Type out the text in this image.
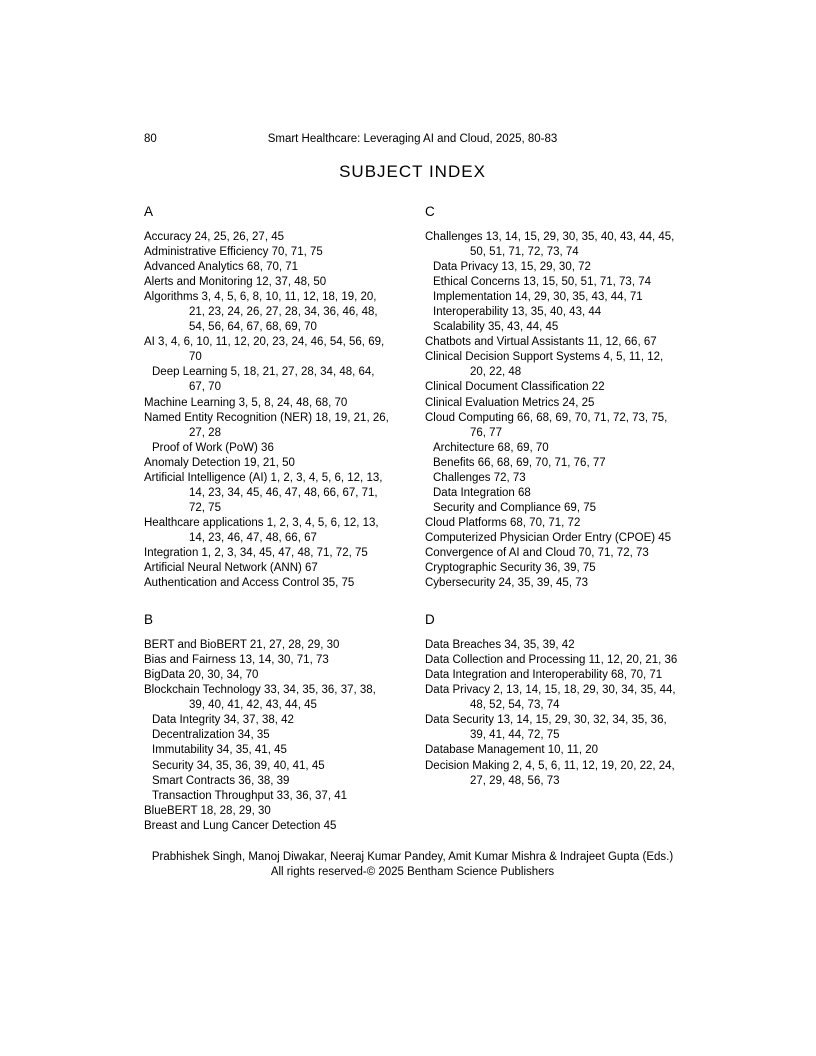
80	Smart Healthcare: Leveraging AI and Cloud, 2025, 80-83
SUBJECT INDEX
A
Accuracy 24, 25, 26, 27, 45
Administrative Efficiency 70, 71, 75
Advanced Analytics 68, 70, 71
Alerts and Monitoring 12, 37, 48, 50
Algorithms 3, 4, 5, 6, 8, 10, 11, 12, 18, 19, 20, 21, 23, 24, 26, 27, 28, 34, 36, 46, 48, 54, 56, 64, 67, 68, 69, 70
AI 3, 4, 6, 10, 11, 12, 20, 23, 24, 46, 54, 56, 69, 70
Deep Learning 5, 18, 21, 27, 28, 34, 48, 64, 67, 70
Machine Learning 3, 5, 8, 24, 48, 68, 70
Named Entity Recognition (NER) 18, 19, 21, 26, 27, 28
Proof of Work (PoW) 36
Anomaly Detection 19, 21, 50
Artificial Intelligence (AI) 1, 2, 3, 4, 5, 6, 12, 13, 14, 23, 34, 45, 46, 47, 48, 66, 67, 71, 72, 75
Healthcare applications 1, 2, 3, 4, 5, 6, 12, 13, 14, 23, 46, 47, 48, 66, 67
Integration 1, 2, 3, 34, 45, 47, 48, 71, 72, 75
Artificial Neural Network (ANN) 67
Authentication and Access Control 35, 75
B
BERT and BioBERT 21, 27, 28, 29, 30
Bias and Fairness 13, 14, 30, 71, 73
BigData 20, 30, 34, 70
Blockchain Technology 33, 34, 35, 36, 37, 38, 39, 40, 41, 42, 43, 44, 45
Data Integrity 34, 37, 38, 42
Decentralization 34, 35
Immutability 34, 35, 41, 45
Security 34, 35, 36, 39, 40, 41, 45
Smart Contracts 36, 38, 39
Transaction Throughput 33, 36, 37, 41
BlueBERT 18, 28, 29, 30
Breast and Lung Cancer Detection 45
C
Challenges 13, 14, 15, 29, 30, 35, 40, 43, 44, 45, 50, 51, 71, 72, 73, 74
Data Privacy 13, 15, 29, 30, 72
Ethical Concerns 13, 15, 50, 51, 71, 73, 74
Implementation 14, 29, 30, 35, 43, 44, 71
Interoperability 13, 35, 40, 43, 44
Scalability 35, 43, 44, 45
Chatbots and Virtual Assistants 11, 12, 66, 67
Clinical Decision Support Systems 4, 5, 11, 12, 20, 22, 48
Clinical Document Classification 22
Clinical Evaluation Metrics 24, 25
Cloud Computing 66, 68, 69, 70, 71, 72, 73, 75, 76, 77
Architecture 68, 69, 70
Benefits 66, 68, 69, 70, 71, 76, 77
Challenges 72, 73
Data Integration 68
Security and Compliance 69, 75
Cloud Platforms 68, 70, 71, 72
Computerized Physician Order Entry (CPOE) 45
Convergence of AI and Cloud 70, 71, 72, 73
Cryptographic Security 36, 39, 75
Cybersecurity 24, 35, 39, 45, 73
D
Data Breaches 34, 35, 39, 42
Data Collection and Processing 11, 12, 20, 21, 36
Data Integration and Interoperability 68, 70, 71
Data Privacy 2, 13, 14, 15, 18, 29, 30, 34, 35, 44, 48, 52, 54, 73, 74
Data Security 13, 14, 15, 29, 30, 32, 34, 35, 36, 39, 41, 44, 72, 75
Database Management 10, 11, 20
Decision Making 2, 4, 5, 6, 11, 12, 19, 20, 22, 24, 27, 29, 48, 56, 73
Prabhishek Singh, Manoj Diwakar, Neeraj Kumar Pandey, Amit Kumar Mishra & Indrajeet Gupta (Eds.)
All rights reserved-© 2025 Bentham Science Publishers
